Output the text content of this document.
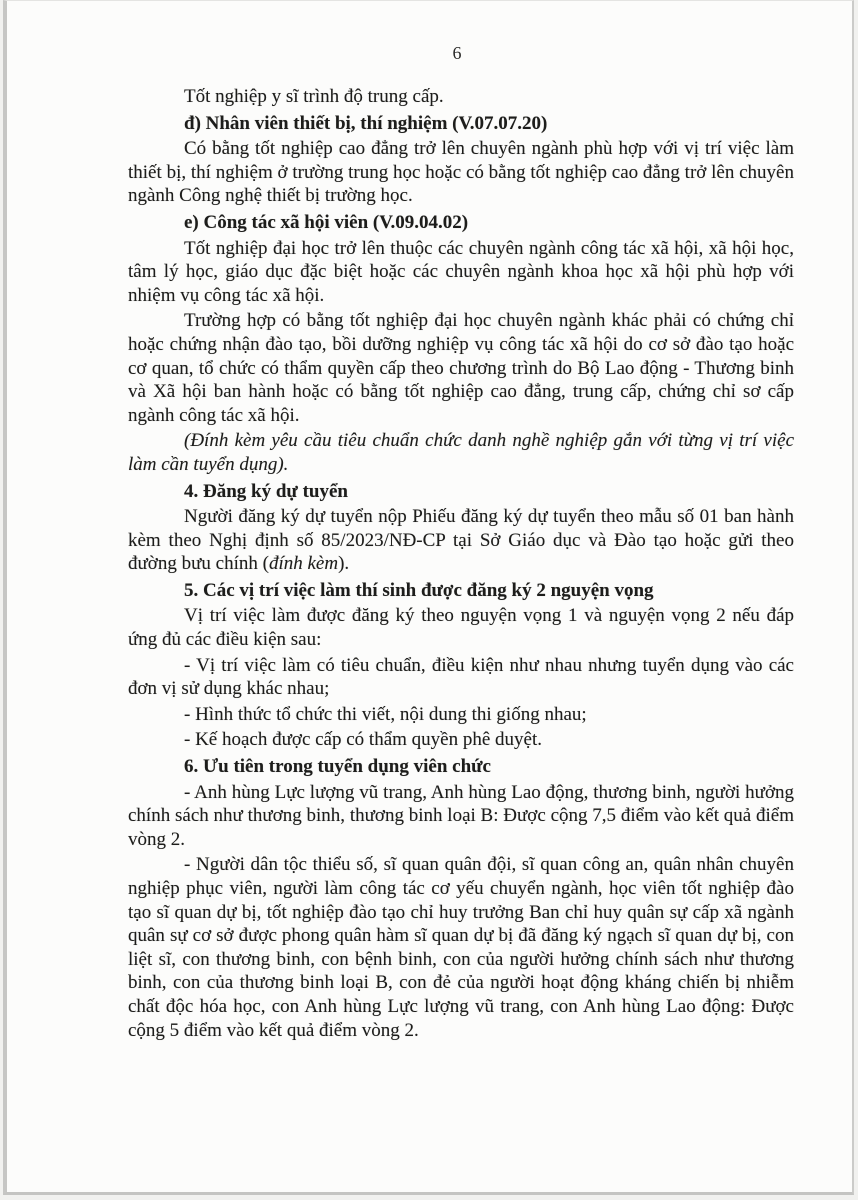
6

Tốt nghiệp y sĩ trình độ trung cấp.

đ) Nhân viên thiết bị, thí nghiệm (V.07.07.20)

Có bằng tốt nghiệp cao đẳng trở lên chuyên ngành phù hợp với vị trí việc làm thiết bị, thí nghiệm ở trường trung học hoặc có bằng tốt nghiệp cao đẳng trở lên chuyên ngành Công nghệ thiết bị trường học.

e) Công tác xã hội viên (V.09.04.02)

Tốt nghiệp đại học trở lên thuộc các chuyên ngành công tác xã hội, xã hội học, tâm lý học, giáo dục đặc biệt hoặc các chuyên ngành khoa học xã hội phù hợp với nhiệm vụ công tác xã hội.

Trường hợp có bằng tốt nghiệp đại học chuyên ngành khác phải có chứng chỉ hoặc chứng nhận đào tạo, bồi dưỡng nghiệp vụ công tác xã hội do cơ sở đào tạo hoặc cơ quan, tổ chức có thẩm quyền cấp theo chương trình do Bộ Lao động - Thương binh và Xã hội ban hành hoặc có bằng tốt nghiệp cao đẳng, trung cấp, chứng chỉ sơ cấp ngành công tác xã hội.

(Đính kèm yêu cầu tiêu chuẩn chức danh nghề nghiệp gắn với từng vị trí việc làm cần tuyển dụng).

4. Đăng ký dự tuyển

Người đăng ký dự tuyển nộp Phiếu đăng ký dự tuyển theo mẫu số 01 ban hành kèm theo Nghị định số 85/2023/NĐ-CP tại Sở Giáo dục và Đào tạo hoặc gửi theo đường bưu chính (đính kèm).

5. Các vị trí việc làm thí sinh được đăng ký 2 nguyện vọng

Vị trí việc làm được đăng ký theo nguyện vọng 1 và nguyện vọng 2 nếu đáp ứng đủ các điều kiện sau:

- Vị trí việc làm có tiêu chuẩn, điều kiện như nhau nhưng tuyển dụng vào các đơn vị sử dụng khác nhau;

- Hình thức tổ chức thi viết, nội dung thi giống nhau;

- Kế hoạch được cấp có thẩm quyền phê duyệt.

6. Ưu tiên trong tuyển dụng viên chức

- Anh hùng Lực lượng vũ trang, Anh hùng Lao động, thương binh, người hưởng chính sách như thương binh, thương binh loại B: Được cộng 7,5 điểm vào kết quả điểm vòng 2.

- Người dân tộc thiểu số, sĩ quan quân đội, sĩ quan công an, quân nhân chuyên nghiệp phục viên, người làm công tác cơ yếu chuyển ngành, học viên tốt nghiệp đào tạo sĩ quan dự bị, tốt nghiệp đào tạo chỉ huy trưởng Ban chỉ huy quân sự cấp xã ngành quân sự cơ sở được phong quân hàm sĩ quan dự bị đã đăng ký ngạch sĩ quan dự bị, con liệt sĩ, con thương binh, con bệnh binh, con của người hưởng chính sách như thương binh, con của thương binh loại B, con đẻ của người hoạt động kháng chiến bị nhiễm chất độc hóa học, con Anh hùng Lực lượng vũ trang, con Anh hùng Lao động: Được cộng 5 điểm vào kết quả điểm vòng 2.
